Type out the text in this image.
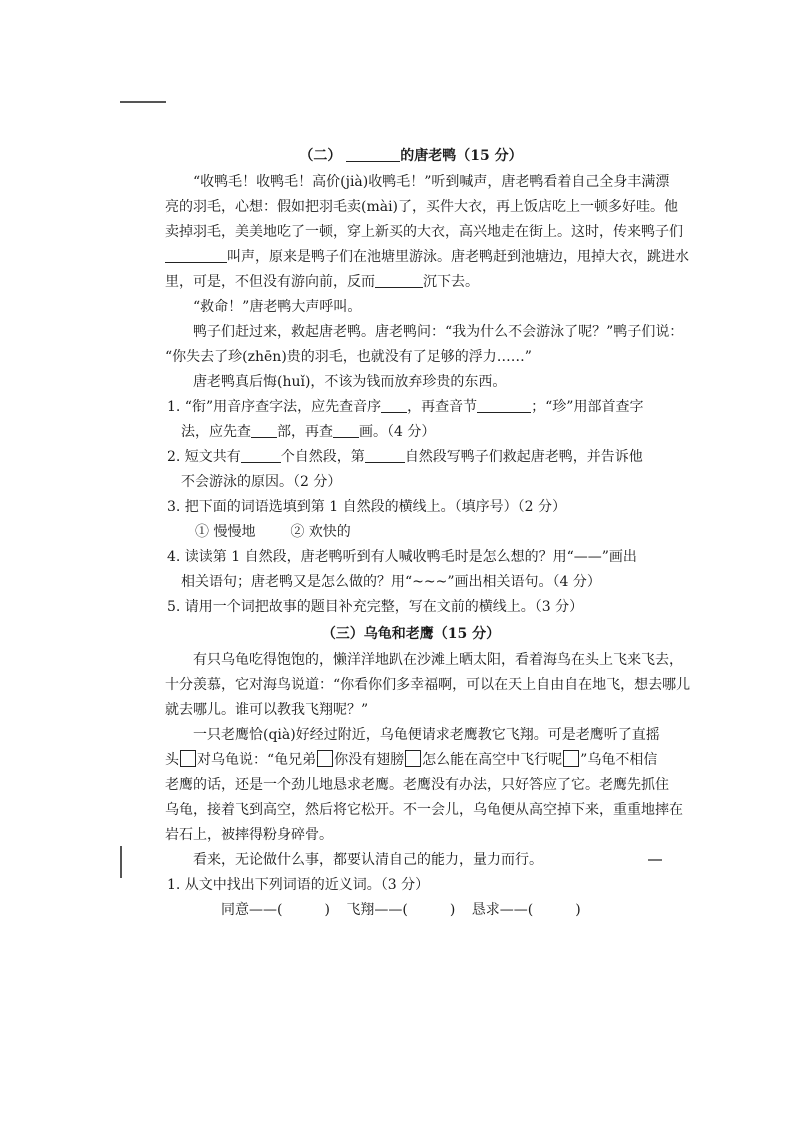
（二）	的唐老鸭（15 分）
“收鸭毛！收鸭毛！高价(jià)收鸭毛！”听到喊声，唐老鸭看着自己全身丰满漂
亮的羽毛，心想：假如把羽毛卖(mài)了，买件大衣，再上饭店吃上一顿多好哇。他
卖掉羽毛，美美地吃了一顿，穿上新买的大衣，高兴地走在街上。这时，传来鸭子们
叫声，原来是鸭子们在池塘里游泳。唐老鸭赶到池塘边，甩掉大衣，跳进水
里，可是，不但没有游向前，反而	沉下去。
“救命！”唐老鸭大声呼叫。
鸭子们赶过来，救起唐老鸭。唐老鸭问：“我为什么不会游泳了呢？”鸭子们说：
“你失去了珍(zhēn)贵的羽毛，也就没有了足够的浮力……”
唐老鸭真后悔(huǐ)，不该为钱而放弃珍贵的东西。
1. “衔”用音序查字法，应先查音序 ，再查音节	；“珍”用部首查字
法，应先查 部，再查 画。（4 分）
2. 短文共有	个自然段，第	自然段写鸭子们救起唐老鸭，并告诉他
不会游泳的原因。（2 分）
3. 把下面的词语选填到第 1 自然段的横线上。（填序号）（2 分）
① 慢慢地 ② 欢快的
4. 读读第 1 自然段，唐老鸭听到有人喊收鸭毛时是怎么想的？用“——”画出
相关语句；唐老鸭又是怎么做的？用“~~~”画出相关语句。（4 分）
5. 请用一个词把故事的题目补充完整，写在文前的横线上。（3 分）
（三）乌龟和老鹰（15 分）
有只乌龟吃得饱饱的，懒洋洋地趴在沙滩上晒太阳，看着海鸟在头上飞来飞去，
十分羡慕，它对海鸟说道：“你看你们多幸福啊，可以在天上自由自在地飞，想去哪儿
就去哪儿。谁可以教我飞翔呢？”
一只老鹰恰(qià)好经过附近，乌龟便请求老鹰教它飞翔。可是老鹰听了直摇
头 对乌龟说：“龟兄弟 你没有翅膀 怎么能在高空中飞行呢 ”乌龟不相信
老鹰的话，还是一个劲儿地恳求老鹰。老鹰没有办法，只好答应了它。老鹰先抓住
乌龟，接着飞到高空，然后将它松开。不一会儿，乌龟便从高空掉下来，重重地摔在
岩石上，被摔得粉身碎骨。
看来，无论做什么事，都要认清自己的能力，量力而行。
1. 从文中找出下列词语的近义词。（3 分）
同意——(	) 飞翔——(	) 恳求——(	)
